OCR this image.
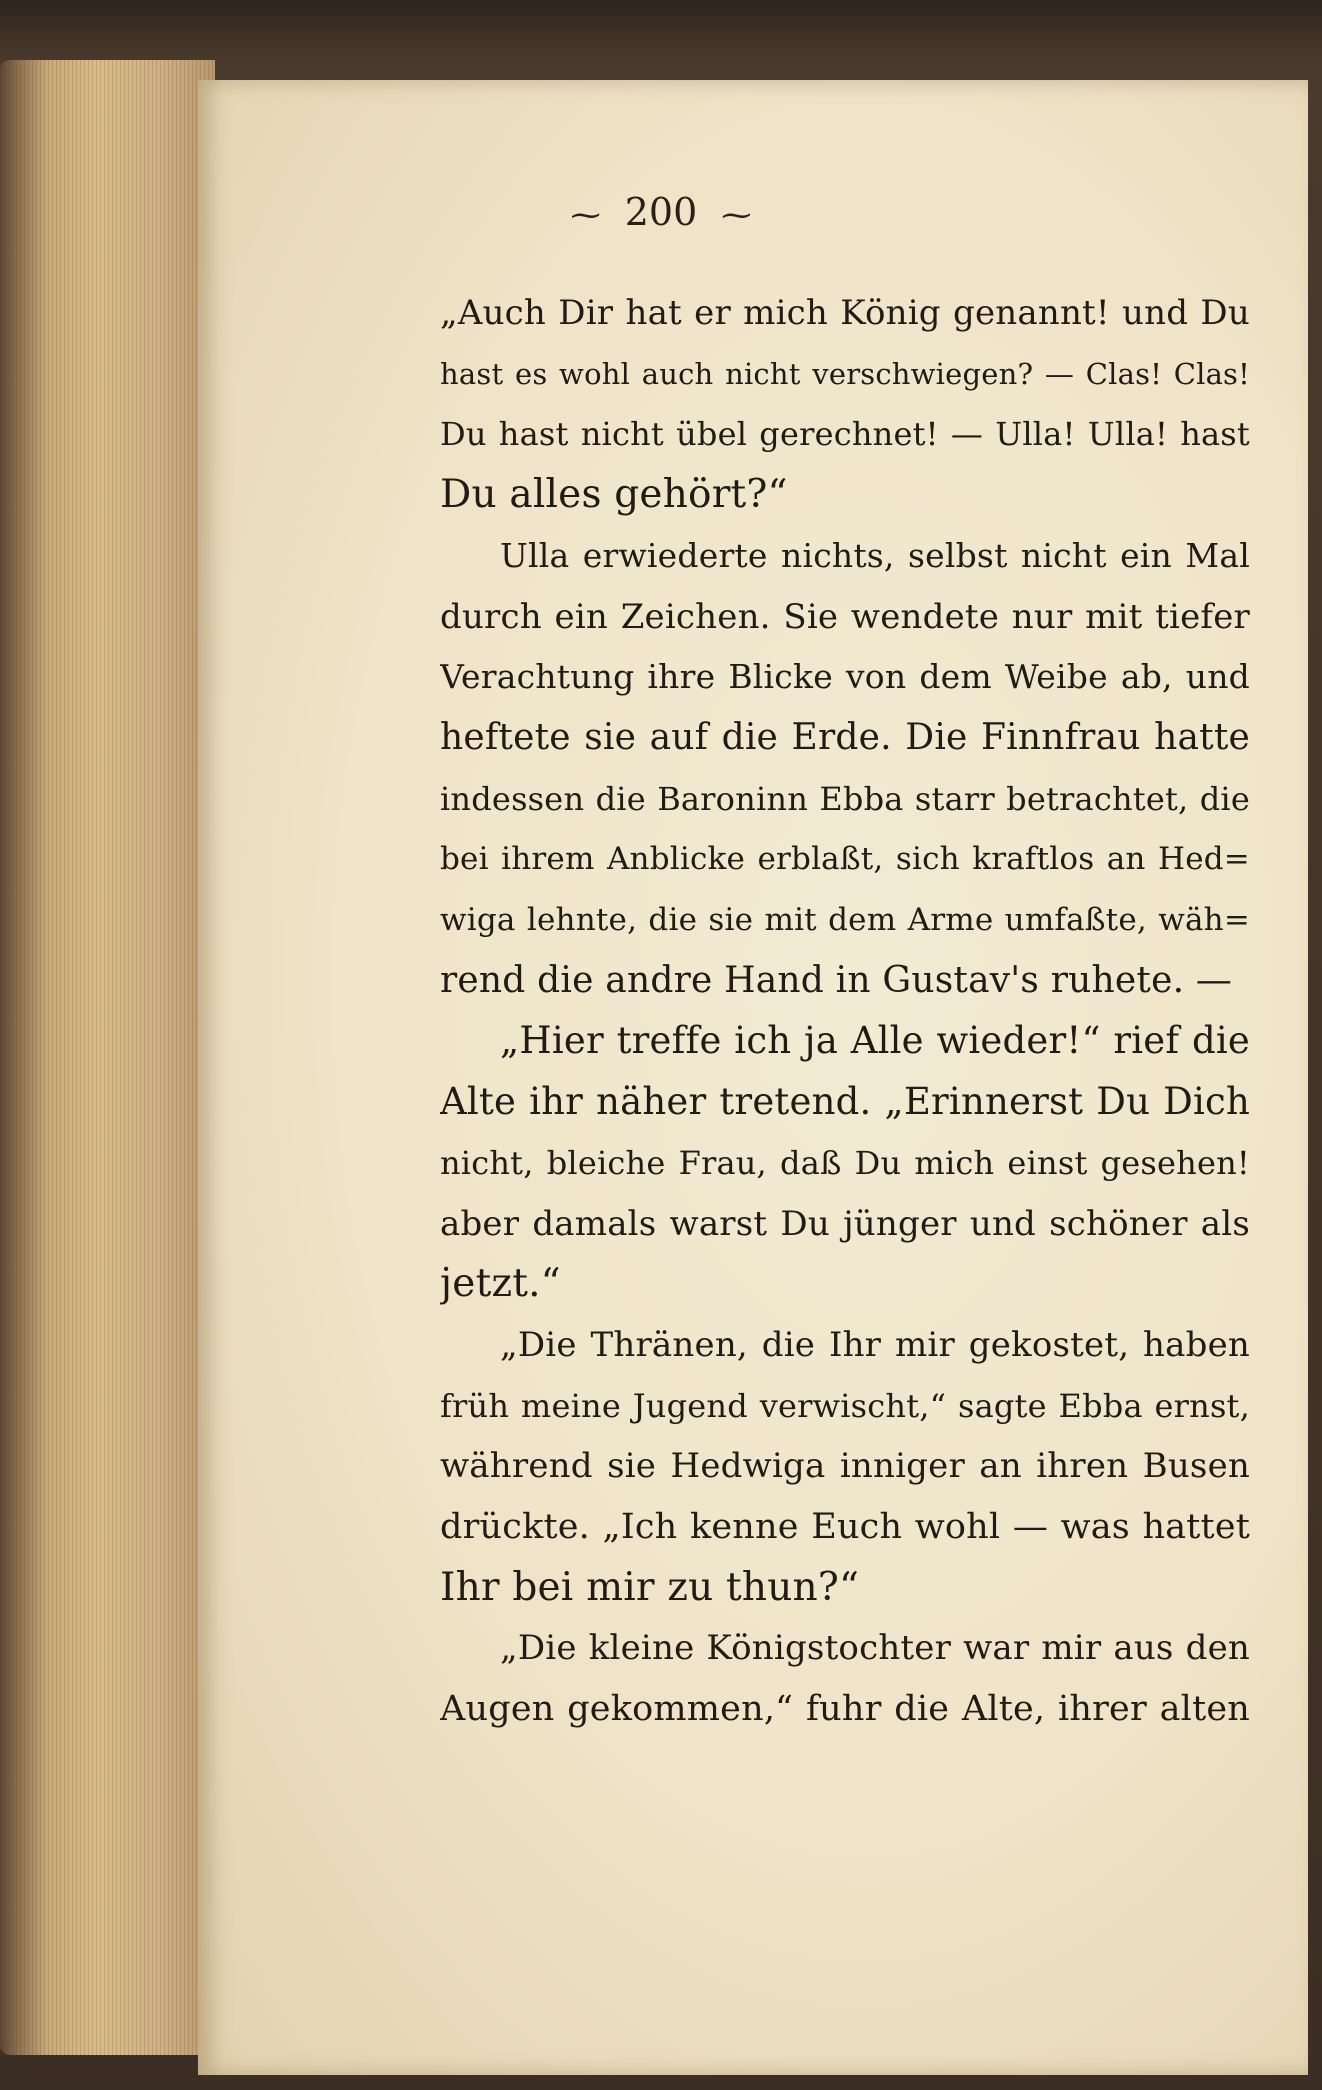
⁓ 200 ⁓
„Auch Dir hat er mich König genannt! und Du
hast es wohl auch nicht verschwiegen? — Clas! Clas!
Du hast nicht übel gerechnet! — Ulla! Ulla! hast
Du alles gehört?“
Ulla erwiederte nichts, selbst nicht ein Mal
durch ein Zeichen. Sie wendete nur mit tiefer
Verachtung ihre Blicke von dem Weibe ab, und
heftete sie auf die Erde. Die Finnfrau hatte
indessen die Baroninn Ebba starr betrachtet, die
bei ihrem Anblicke erblaßt, sich kraftlos an Hed=
wiga lehnte, die sie mit dem Arme umfaßte, wäh=
rend die andre Hand in Gustav's ruhete. —
„Hier treffe ich ja Alle wieder!“ rief die
Alte ihr näher tretend. „Erinnerst Du Dich
nicht, bleiche Frau, daß Du mich einst gesehen!
aber damals warst Du jünger und schöner als
jetzt.“
„Die Thränen, die Ihr mir gekostet, haben
früh meine Jugend verwischt,“ sagte Ebba ernst,
während sie Hedwiga inniger an ihren Busen
drückte. „Ich kenne Euch wohl — was hattet
Ihr bei mir zu thun?“
„Die kleine Königstochter war mir aus den
Augen gekommen,“ fuhr die Alte, ihrer alten
